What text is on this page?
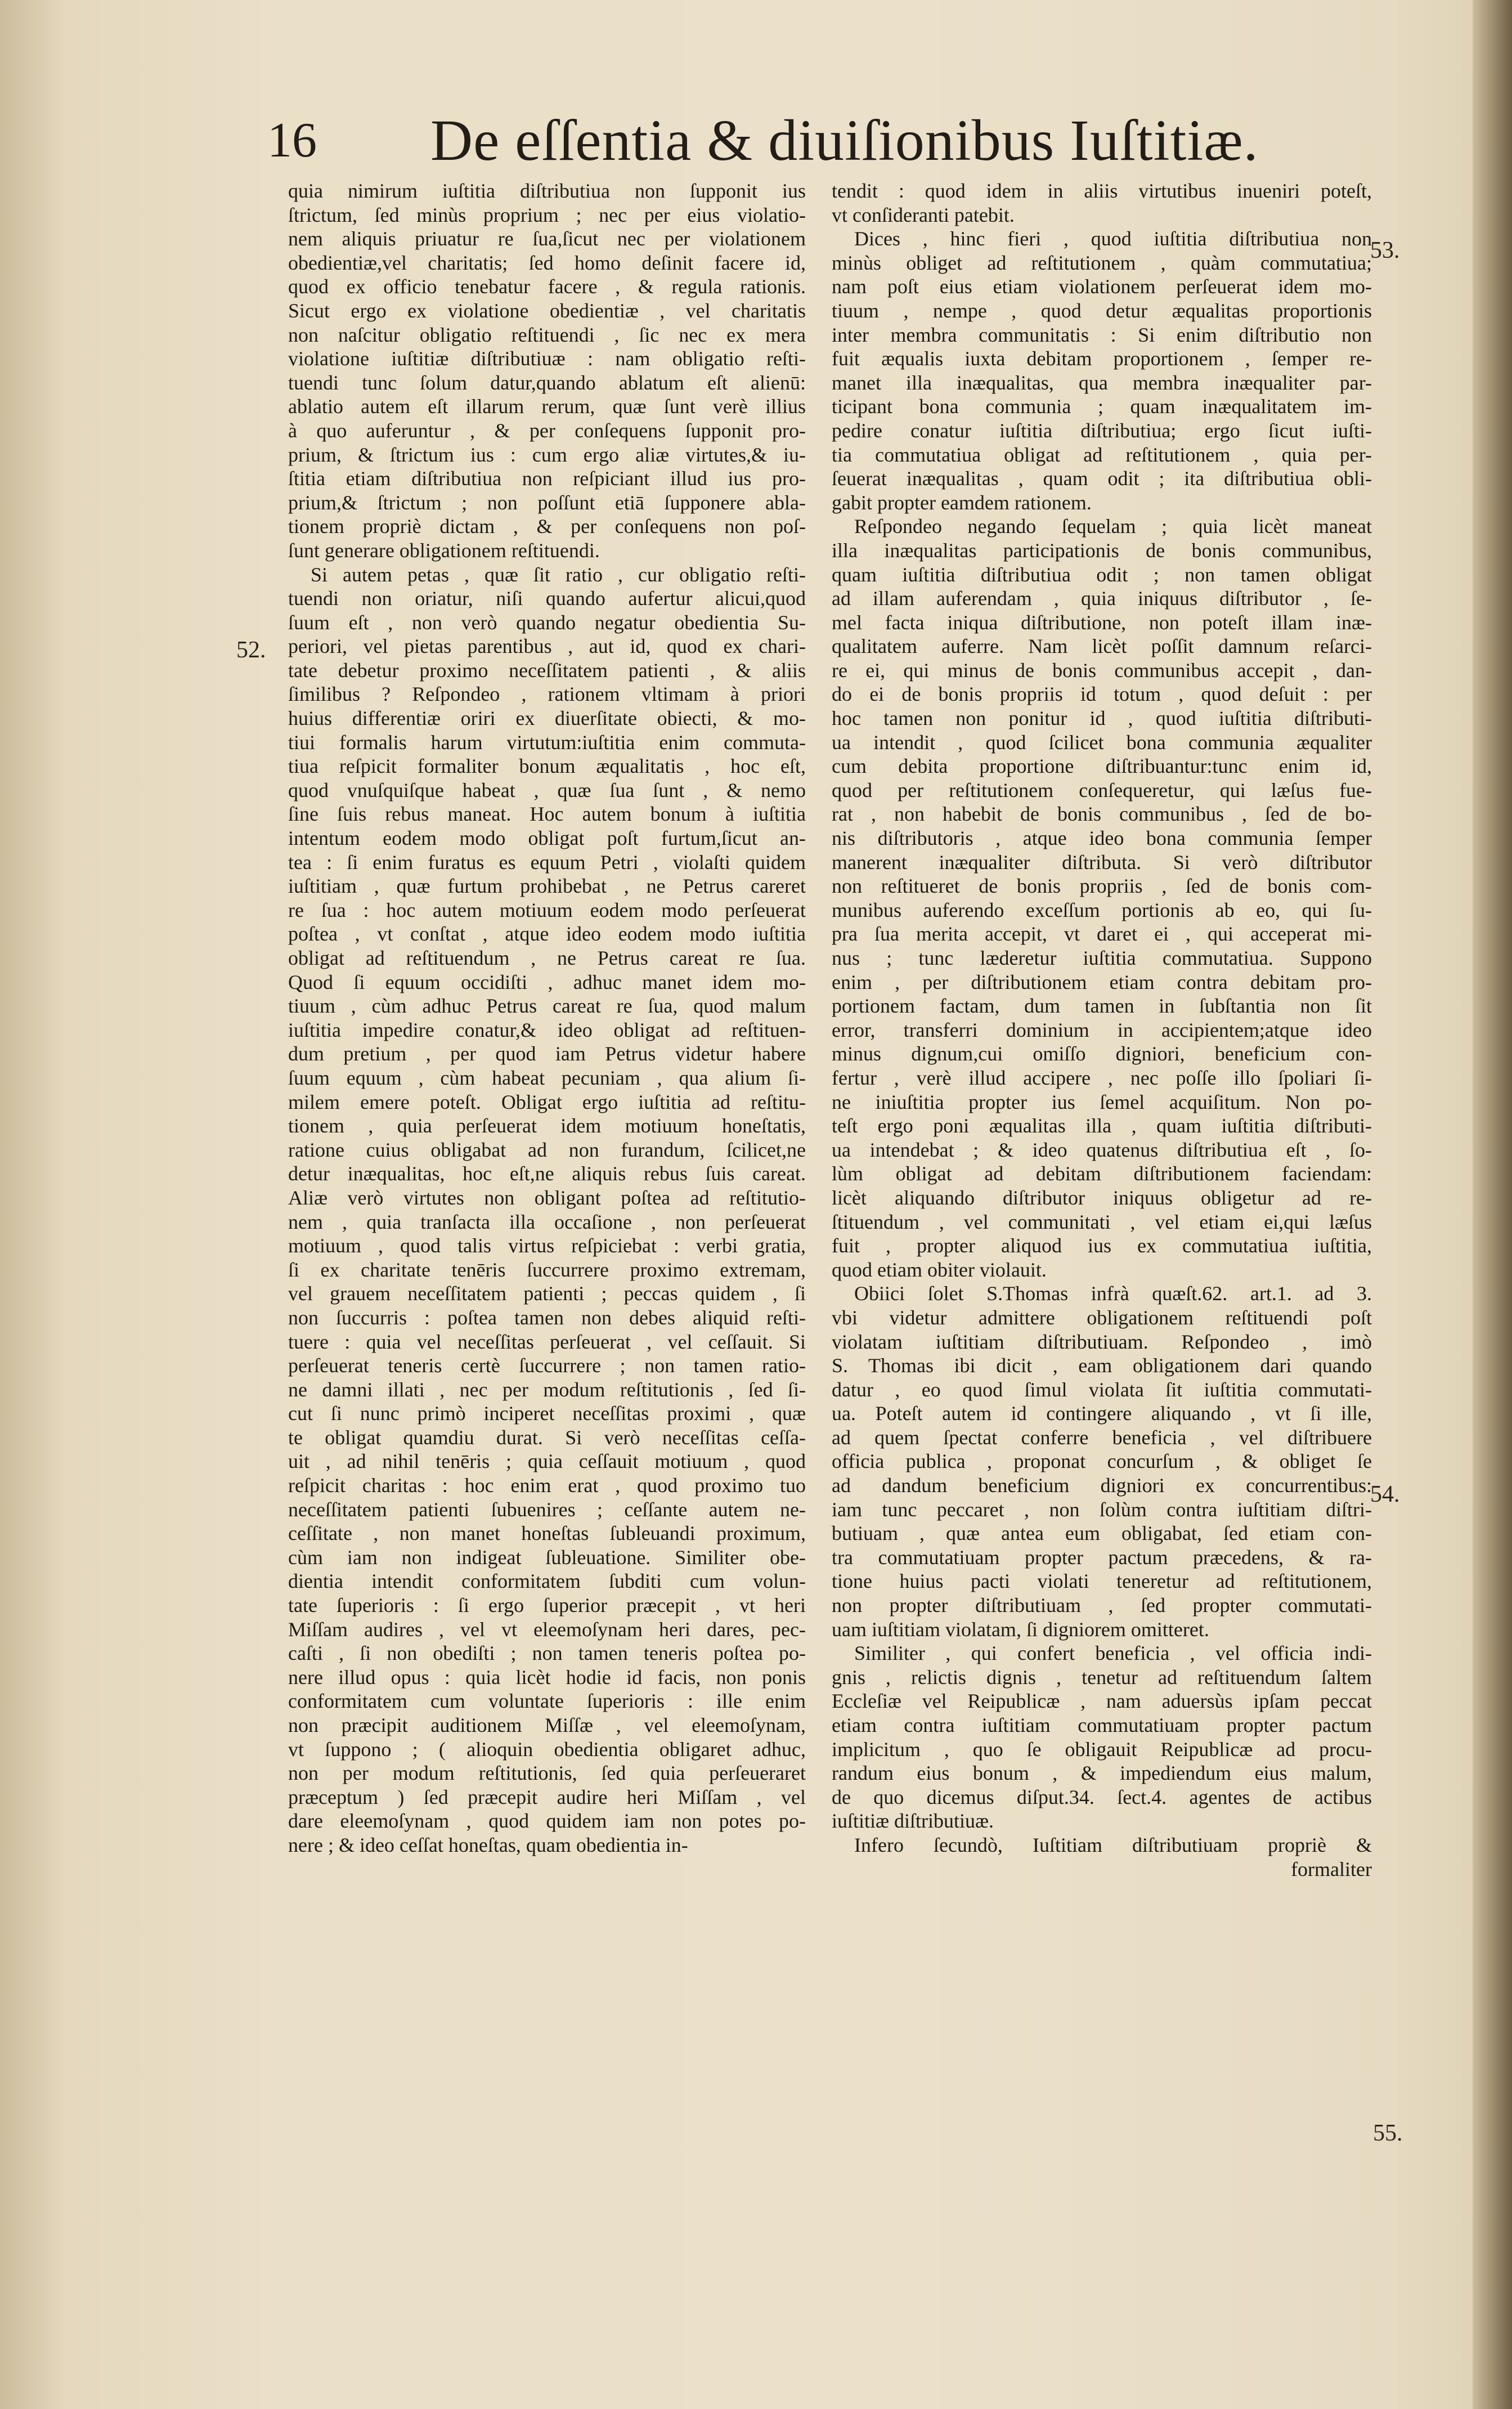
16 De eſſentia & diuiſionibus Iuſtitiæ.
52.
53.
54.
55.
quia nimirum iuſtitia diſtributiua non ſupponit ius
ſtrictum, ſed minùs proprium ; nec per eius violatio-
nem aliquis priuatur re ſua,ſicut nec per violationem
obedientiæ,vel charitatis; ſed homo deſinit facere id,
quod ex officio tenebatur facere , & regula rationis.
Sicut ergo ex violatione obedientiæ , vel charitatis
non naſcitur obligatio reſtituendi , ſic nec ex mera
violatione iuſtitiæ diſtributiuæ : nam obligatio reſti-
tuendi tunc ſolum datur,quando ablatum eſt alienū:
ablatio autem eſt illarum rerum, quæ ſunt verè illius
à quo auferuntur , & per conſequens ſupponit pro-
prium, & ſtrictum ius : cum ergo aliæ virtutes,& iu-
ſtitia etiam diſtributiua non reſpiciant illud ius pro-
prium,& ſtrictum ; non poſſunt etiā ſupponere abla-
tionem propriè dictam , & per conſequens non poſ-
ſunt generare obligationem reſtituendi.
Si autem petas , quæ ſit ratio , cur obligatio reſti-
tuendi non oriatur, niſi quando aufertur alicui,quod
ſuum eſt , non verò quando negatur obedientia Su-
periori, vel pietas parentibus , aut id, quod ex chari-
tate debetur proximo neceſſitatem patienti , & aliis
ſimilibus ? Reſpondeo , rationem vltimam à priori
huius differentiæ oriri ex diuerſitate obiecti, & mo-
tiui formalis harum virtutum:iuſtitia enim commuta-
tiua reſpicit formaliter bonum æqualitatis , hoc eſt,
quod vnuſquiſque habeat , quæ ſua ſunt , & nemo
ſine ſuis rebus maneat. Hoc autem bonum à iuſtitia
intentum eodem modo obligat poſt furtum,ſicut an-
tea : ſi enim furatus es equum Petri , violaſti quidem
iuſtitiam , quæ furtum prohibebat , ne Petrus careret
re ſua : hoc autem motiuum eodem modo perſeuerat
poſtea , vt conſtat , atque ideo eodem modo iuſtitia
obligat ad reſtituendum , ne Petrus careat re ſua.
Quod ſi equum occidiſti , adhuc manet idem mo-
tiuum , cùm adhuc Petrus careat re ſua, quod malum
iuſtitia impedire conatur,& ideo obligat ad reſtituen-
dum pretium , per quod iam Petrus videtur habere
ſuum equum , cùm habeat pecuniam , qua alium ſi-
milem emere poteſt. Obligat ergo iuſtitia ad reſtitu-
tionem , quia perſeuerat idem motiuum honeſtatis,
ratione cuius obligabat ad non furandum, ſcilicet,ne
detur inæqualitas, hoc eſt,ne aliquis rebus ſuis careat.
Aliæ verò virtutes non obligant poſtea ad reſtitutio-
nem , quia tranſacta illa occaſione , non perſeuerat
motiuum , quod talis virtus reſpiciebat : verbi gratia,
ſi ex charitate tenēris ſuccurrere proximo extremam,
vel grauem neceſſitatem patienti ; peccas quidem , ſi
non ſuccurris : poſtea tamen non debes aliquid reſti-
tuere : quia vel neceſſitas perſeuerat , vel ceſſauit. Si
perſeuerat teneris certè ſuccurrere ; non tamen ratio-
ne damni illati , nec per modum reſtitutionis , ſed ſi-
cut ſi nunc primò inciperet neceſſitas proximi , quæ
te obligat quamdiu durat. Si verò neceſſitas ceſſa-
uit , ad nihil tenēris ; quia ceſſauit motiuum , quod
reſpicit charitas : hoc enim erat , quod proximo tuo
neceſſitatem patienti ſubuenires ; ceſſante autem ne-
ceſſitate , non manet honeſtas ſubleuandi proximum,
cùm iam non indigeat ſubleuatione. Similiter obe-
dientia intendit conformitatem ſubditi cum volun-
tate ſuperioris : ſi ergo ſuperior præcepit , vt heri
Miſſam audires , vel vt eleemoſynam heri dares, pec-
caſti , ſi non obediſti ; non tamen teneris poſtea po-
nere illud opus : quia licèt hodie id facis, non ponis
conformitatem cum voluntate ſuperioris : ille enim
non præcipit auditionem Miſſæ , vel eleemoſynam,
vt ſuppono ; ( alioquin obedientia obligaret adhuc,
non per modum reſtitutionis, ſed quia perſeueraret
præceptum ) ſed præcepit audire heri Miſſam , vel
dare eleemoſynam , quod quidem iam non potes po-
nere ; & ideo ceſſat honeſtas, quam obedientia in-
tendit : quod idem in aliis virtutibus inueniri poteſt,
vt conſideranti patebit.
Dices , hinc fieri , quod iuſtitia diſtributiua non
minùs obliget ad reſtitutionem , quàm commutatiua;
nam poſt eius etiam violationem perſeuerat idem mo-
tiuum , nempe , quod detur æqualitas proportionis
inter membra communitatis : Si enim diſtributio non
fuit æqualis iuxta debitam proportionem , ſemper re-
manet illa inæqualitas, qua membra inæqualiter par-
ticipant bona communia ; quam inæqualitatem im-
pedire conatur iuſtitia diſtributiua; ergo ſicut iuſti-
tia commutatiua obligat ad reſtitutionem , quia per-
ſeuerat inæqualitas , quam odit ; ita diſtributiua obli-
gabit propter eamdem rationem.
Reſpondeo negando ſequelam ; quia licèt maneat
illa inæqualitas participationis de bonis communibus,
quam iuſtitia diſtributiua odit ; non tamen obligat
ad illam auferendam , quia iniquus diſtributor , ſe-
mel facta iniqua diſtributione, non poteſt illam inæ-
qualitatem auferre. Nam licèt poſſit damnum reſarci-
re ei, qui minus de bonis communibus accepit , dan-
do ei de bonis propriis id totum , quod deſuit : per
hoc tamen non ponitur id , quod iuſtitia diſtributi-
ua intendit , quod ſcilicet bona communia æqualiter
cum debita proportione diſtribuantur:tunc enim id,
quod per reſtitutionem conſequeretur, qui læſus fue-
rat , non habebit de bonis communibus , ſed de bo-
nis diſtributoris , atque ideo bona communia ſemper
manerent inæqualiter diſtributa. Si verò diſtributor
non reſtitueret de bonis propriis , ſed de bonis com-
munibus auferendo exceſſum portionis ab eo, qui ſu-
pra ſua merita accepit, vt daret ei , qui acceperat mi-
nus ; tunc læderetur iuſtitia commutatiua. Suppono
enim , per diſtributionem etiam contra debitam pro-
portionem factam, dum tamen in ſubſtantia non ſit
error, transferri dominium in accipientem;atque ideo
minus dignum,cui omiſſo digniori, beneficium con-
fertur , verè illud accipere , nec poſſe illo ſpoliari ſi-
ne iniuſtitia propter ius ſemel acquiſitum. Non po-
teſt ergo poni æqualitas illa , quam iuſtitia diſtributi-
ua intendebat ; & ideo quatenus diſtributiua eſt , ſo-
lùm obligat ad debitam diſtributionem faciendam:
licèt aliquando diſtributor iniquus obligetur ad re-
ſtituendum , vel communitati , vel etiam ei,qui læſus
fuit , propter aliquod ius ex commutatiua iuſtitia,
quod etiam obiter violauit.
Obiici ſolet S.Thomas infrà quæſt.62. art.1. ad 3.
vbi videtur admittere obligationem reſtituendi poſt
violatam iuſtitiam diſtributiuam. Reſpondeo , imò
S. Thomas ibi dicit , eam obligationem dari quando
datur , eo quod ſimul violata ſit iuſtitia commutati-
ua. Poteſt autem id contingere aliquando , vt ſi ille,
ad quem ſpectat conferre beneficia , vel diſtribuere
officia publica , proponat concurſum , & obliget ſe
ad dandum beneficium digniori ex concurrentibus:
iam tunc peccaret , non ſolùm contra iuſtitiam diſtri-
butiuam , quæ antea eum obligabat, ſed etiam con-
tra commutatiuam propter pactum præcedens, & ra-
tione huius pacti violati teneretur ad reſtitutionem,
non propter diſtributiuam , ſed propter commutati-
uam iuſtitiam violatam, ſi digniorem omitteret.
Similiter , qui confert beneficia , vel officia indi-
gnis , relictis dignis , tenetur ad reſtituendum ſaltem
Eccleſiæ vel Reipublicæ , nam aduersùs ipſam peccat
etiam contra iuſtitiam commutatiuam propter pactum
implicitum , quo ſe obligauit Reipublicæ ad procu-
randum eius bonum , & impediendum eius malum,
de quo dicemus diſput.34. ſect.4. agentes de actibus
iuſtitiæ diſtributiuæ.
Infero ſecundò, Iuſtitiam diſtributiuam propriè &
formaliter
